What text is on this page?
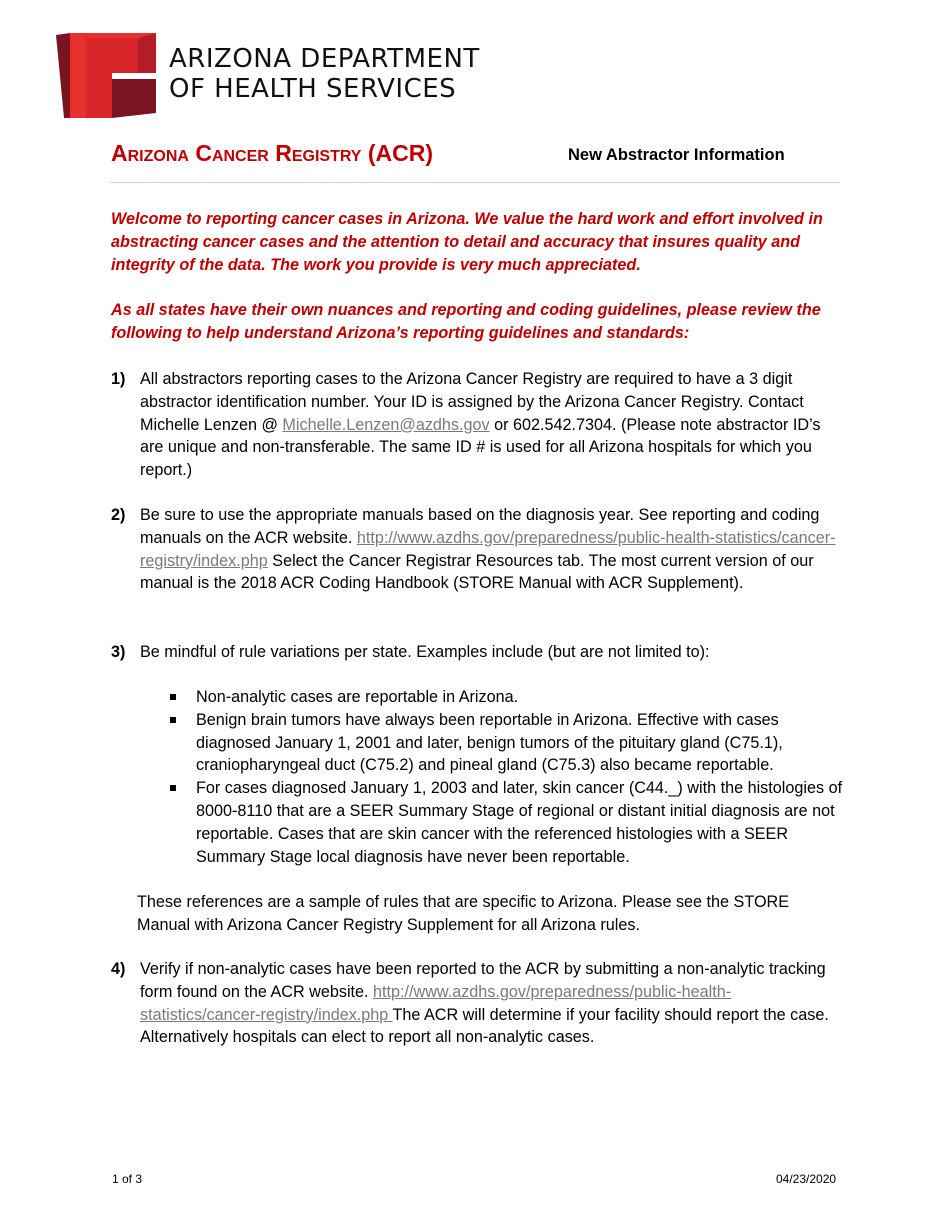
ARIZONA DEPARTMENT
OF HEALTH SERVICES
Arizona Cancer Registry (ACR)	New Abstractor Information

Welcome to reporting cancer cases in Arizona. We value the hard work and effort involved in abstracting cancer cases and the attention to detail and accuracy that insures quality and integrity of the data. The work you provide is very much appreciated.

As all states have their own nuances and reporting and coding guidelines, please review the following to help understand Arizona’s reporting guidelines and standards:

1) All abstractors reporting cases to the Arizona Cancer Registry are required to have a 3 digit abstractor identification number. Your ID is assigned by the Arizona Cancer Registry. Contact Michelle Lenzen @ Michelle.Lenzen@azdhs.gov or 602.542.7304. (Please note abstractor ID’s are unique and non-transferable. The same ID # is used for all Arizona hospitals for which you report.)
2) Be sure to use the appropriate manuals based on the diagnosis year. See reporting and coding manuals on the ACR website. http://www.azdhs.gov/preparedness/public-health-statistics/cancer-registry/index.php Select the Cancer Registrar Resources tab. The most current version of our manual is the 2018 ACR Coding Handbook (STORE Manual with ACR Supplement).
3) Be mindful of rule variations per state. Examples include (but are not limited to):
Non-analytic cases are reportable in Arizona.
Benign brain tumors have always been reportable in Arizona. Effective with cases diagnosed January 1, 2001 and later, benign tumors of the pituitary gland (C75.1), craniopharyngeal duct (C75.2) and pineal gland (C75.3) also became reportable.
For cases diagnosed January 1, 2003 and later, skin cancer (C44._) with the histologies of 8000-8110 that are a SEER Summary Stage of regional or distant initial diagnosis are not reportable. Cases that are skin cancer with the referenced histologies with a SEER Summary Stage local diagnosis have never been reportable.

These references are a sample of rules that are specific to Arizona. Please see the STORE Manual with Arizona Cancer Registry Supplement for all Arizona rules.

4) Verify if non-analytic cases have been reported to the ACR by submitting a non-analytic tracking form found on the ACR website. http://www.azdhs.gov/preparedness/public-health-statistics/cancer-registry/index.php The ACR will determine if your facility should report the case. Alternatively hospitals can elect to report all non-analytic cases.
1 of 3	04/23/2020
